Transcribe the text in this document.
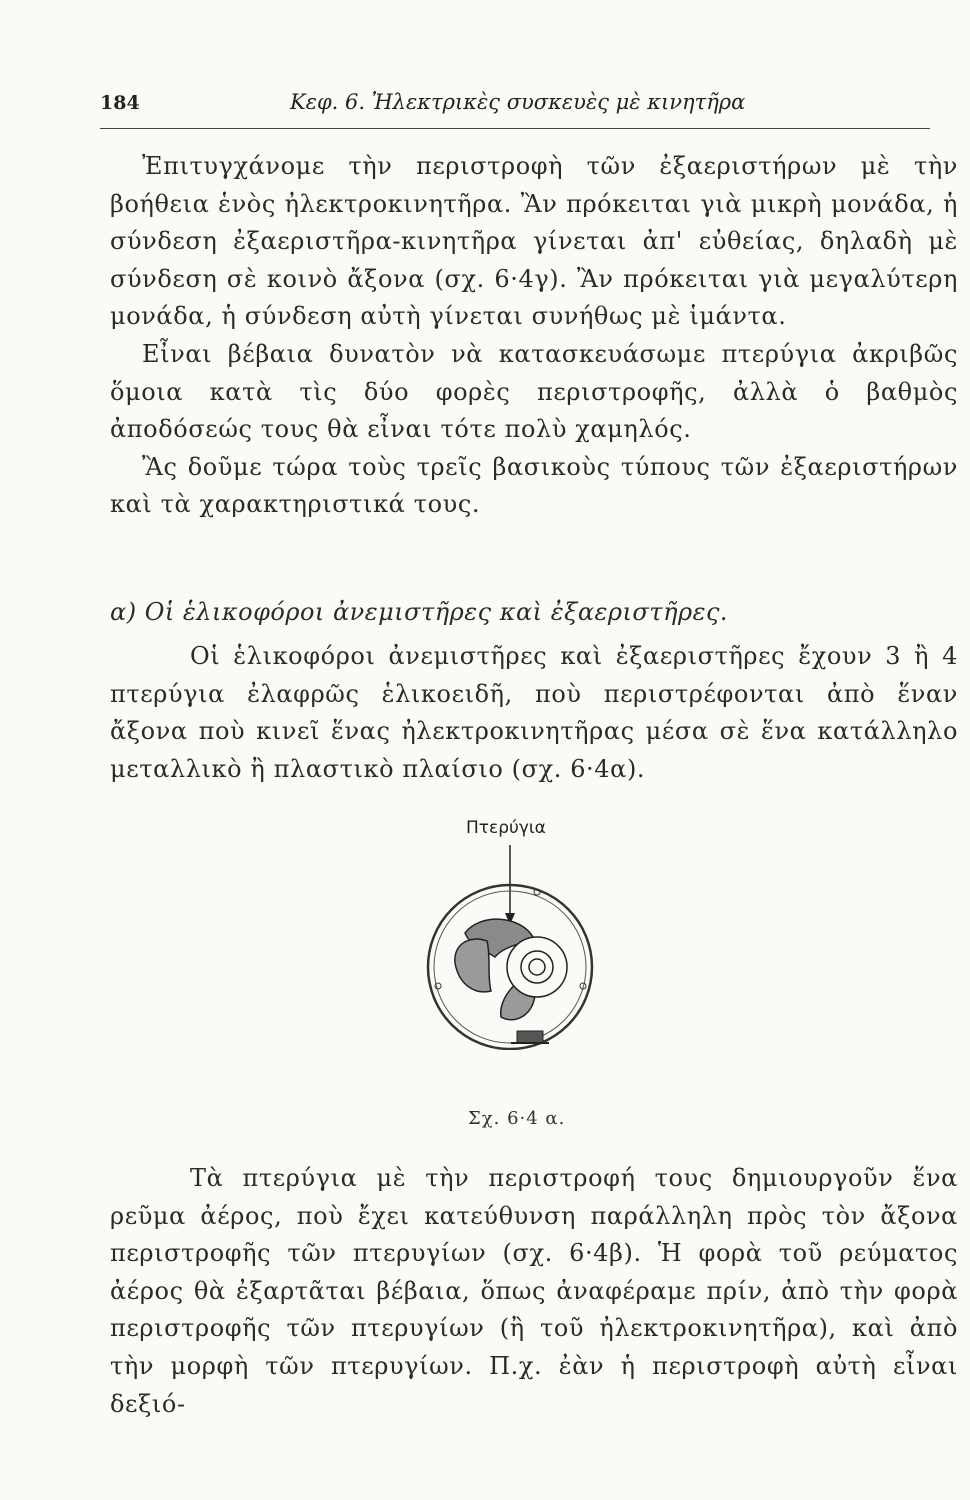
184	Κεφ. 6. Ἠλεκτρικὲς συσκευὲς μὲ κινητῆρα

Ἐπιτυγχάνομε τὴν περιστροφὴ τῶν ἐξαεριστήρων μὲ τὴν βοήθεια ἑνὸς ἠλεκτροκινητῆρα. Ἂν πρόκειται γιὰ μικρὴ μονάδα, ἡ σύνδεση ἐξαεριστῆρα-κινητῆρα γίνεται ἀπ' εὐθείας, δηλαδὴ μὲ σύνδεση σὲ κοινὸ ἄξονα (σχ. 6·4γ). Ἂν πρόκειται γιὰ μεγαλύτερη μονάδα, ἡ σύνδεση αὐτὴ γίνεται συνήθως μὲ ἱμάντα.

Εἶναι βέβαια δυνατὸν νὰ κατασκευάσωμε πτερύγια ἀκριβῶς ὅμοια κατὰ τὶς δύο φορὲς περιστροφῆς, ἀλλὰ ὁ βαθμὸς ἀποδόσεώς τους θὰ εἶναι τότε πολὺ χαμηλός.

Ἂς δοῦμε τώρα τοὺς τρεῖς βασικοὺς τύπους τῶν ἐξαεριστήρων καὶ τὰ χαρακτηριστικά τους.

α) Οἱ ἑλικοφόροι ἀνεμιστῆρες καὶ ἐξαεριστῆρες.

Οἱ ἑλικοφόροι ἀνεμιστῆρες καὶ ἐξαεριστῆρες ἔχουν 3 ἢ 4 πτερύγια ἐλαφρῶς ἑλικοειδῆ, ποὺ περιστρέφονται ἀπὸ ἕναν ἄξονα ποὺ κινεῖ ἕνας ἠλεκτροκινητῆρας μέσα σὲ ἕνα κατάλληλο μεταλλικὸ ἢ πλαστικὸ πλαίσιο (σχ. 6·4α).

Πτερύγια
Σχ. 6·4 α.

Τὰ πτερύγια μὲ τὴν περιστροφή τους δημιουργοῦν ἕνα ρεῦμα ἀέρος, ποὺ ἔχει κατεύθυνση παράλληλη πρὸς τὸν ἄξονα περιστροφῆς τῶν πτερυγίων (σχ. 6·4β). Ἡ φορὰ τοῦ ρεύματος ἀέρος θὰ ἐξαρτᾶται βέβαια, ὅπως ἀναφέραμε πρίν, ἀπὸ τὴν φορὰ περιστροφῆς τῶν πτερυγίων (ἢ τοῦ ἠλεκτροκινητῆρα), καὶ ἀπὸ τὴν μορφὴ τῶν πτερυγίων. Π.χ. ἐὰν ἡ περιστροφὴ αὐτὴ εἶναι δεξιό-
